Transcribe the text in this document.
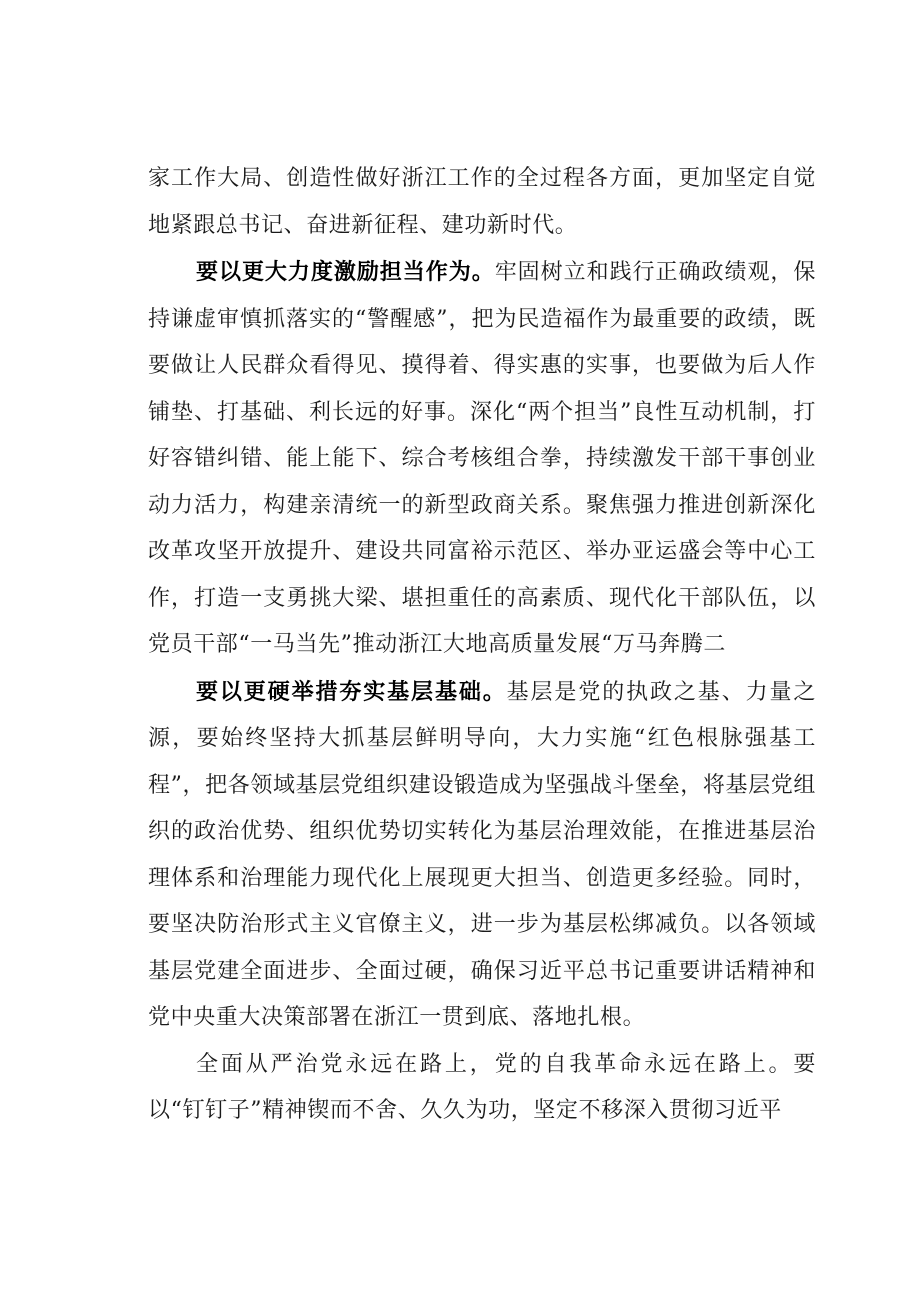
家工作大局、创造性做好浙江工作的全过程各方面，更加坚定自觉地紧跟总书记、奋进新征程、建功新时代。

要以更大力度激励担当作为。牢固树立和践行正确政绩观，保持谦虚审慎抓落实的“警醒感”，把为民造福作为最重要的政绩，既要做让人民群众看得见、摸得着、得实惠的实事，也要做为后人作铺垫、打基础、利长远的好事。深化“两个担当”良性互动机制，打好容错纠错、能上能下、综合考核组合拳，持续激发干部干事创业动力活力，构建亲清统一的新型政商关系。聚焦强力推进创新深化改革攻坚开放提升、建设共同富裕示范区、举办亚运盛会等中心工作，打造一支勇挑大梁、堪担重任的高素质、现代化干部队伍，以党员干部“一马当先”推动浙江大地高质量发展“万马奔腾二

要以更硬举措夯实基层基础。基层是党的执政之基、力量之源，要始终坚持大抓基层鲜明导向，大力实施“红色根脉强基工程”，把各领域基层党组织建设锻造成为坚强战斗堡垒，将基层党组织的政治优势、组织优势切实转化为基层治理效能，在推进基层治理体系和治理能力现代化上展现更大担当、创造更多经验。同时，要坚决防治形式主义官僚主义，进一步为基层松绑减负。以各领域基层党建全面进步、全面过硬，确保习近平总书记重要讲话精神和党中央重大决策部署在浙江一贯到底、落地扎根。

全面从严治党永远在路上，党的自我革命永远在路上。要以“钉钉子”精神锲而不舍、久久为功，坚定不移深入贯彻习近平
